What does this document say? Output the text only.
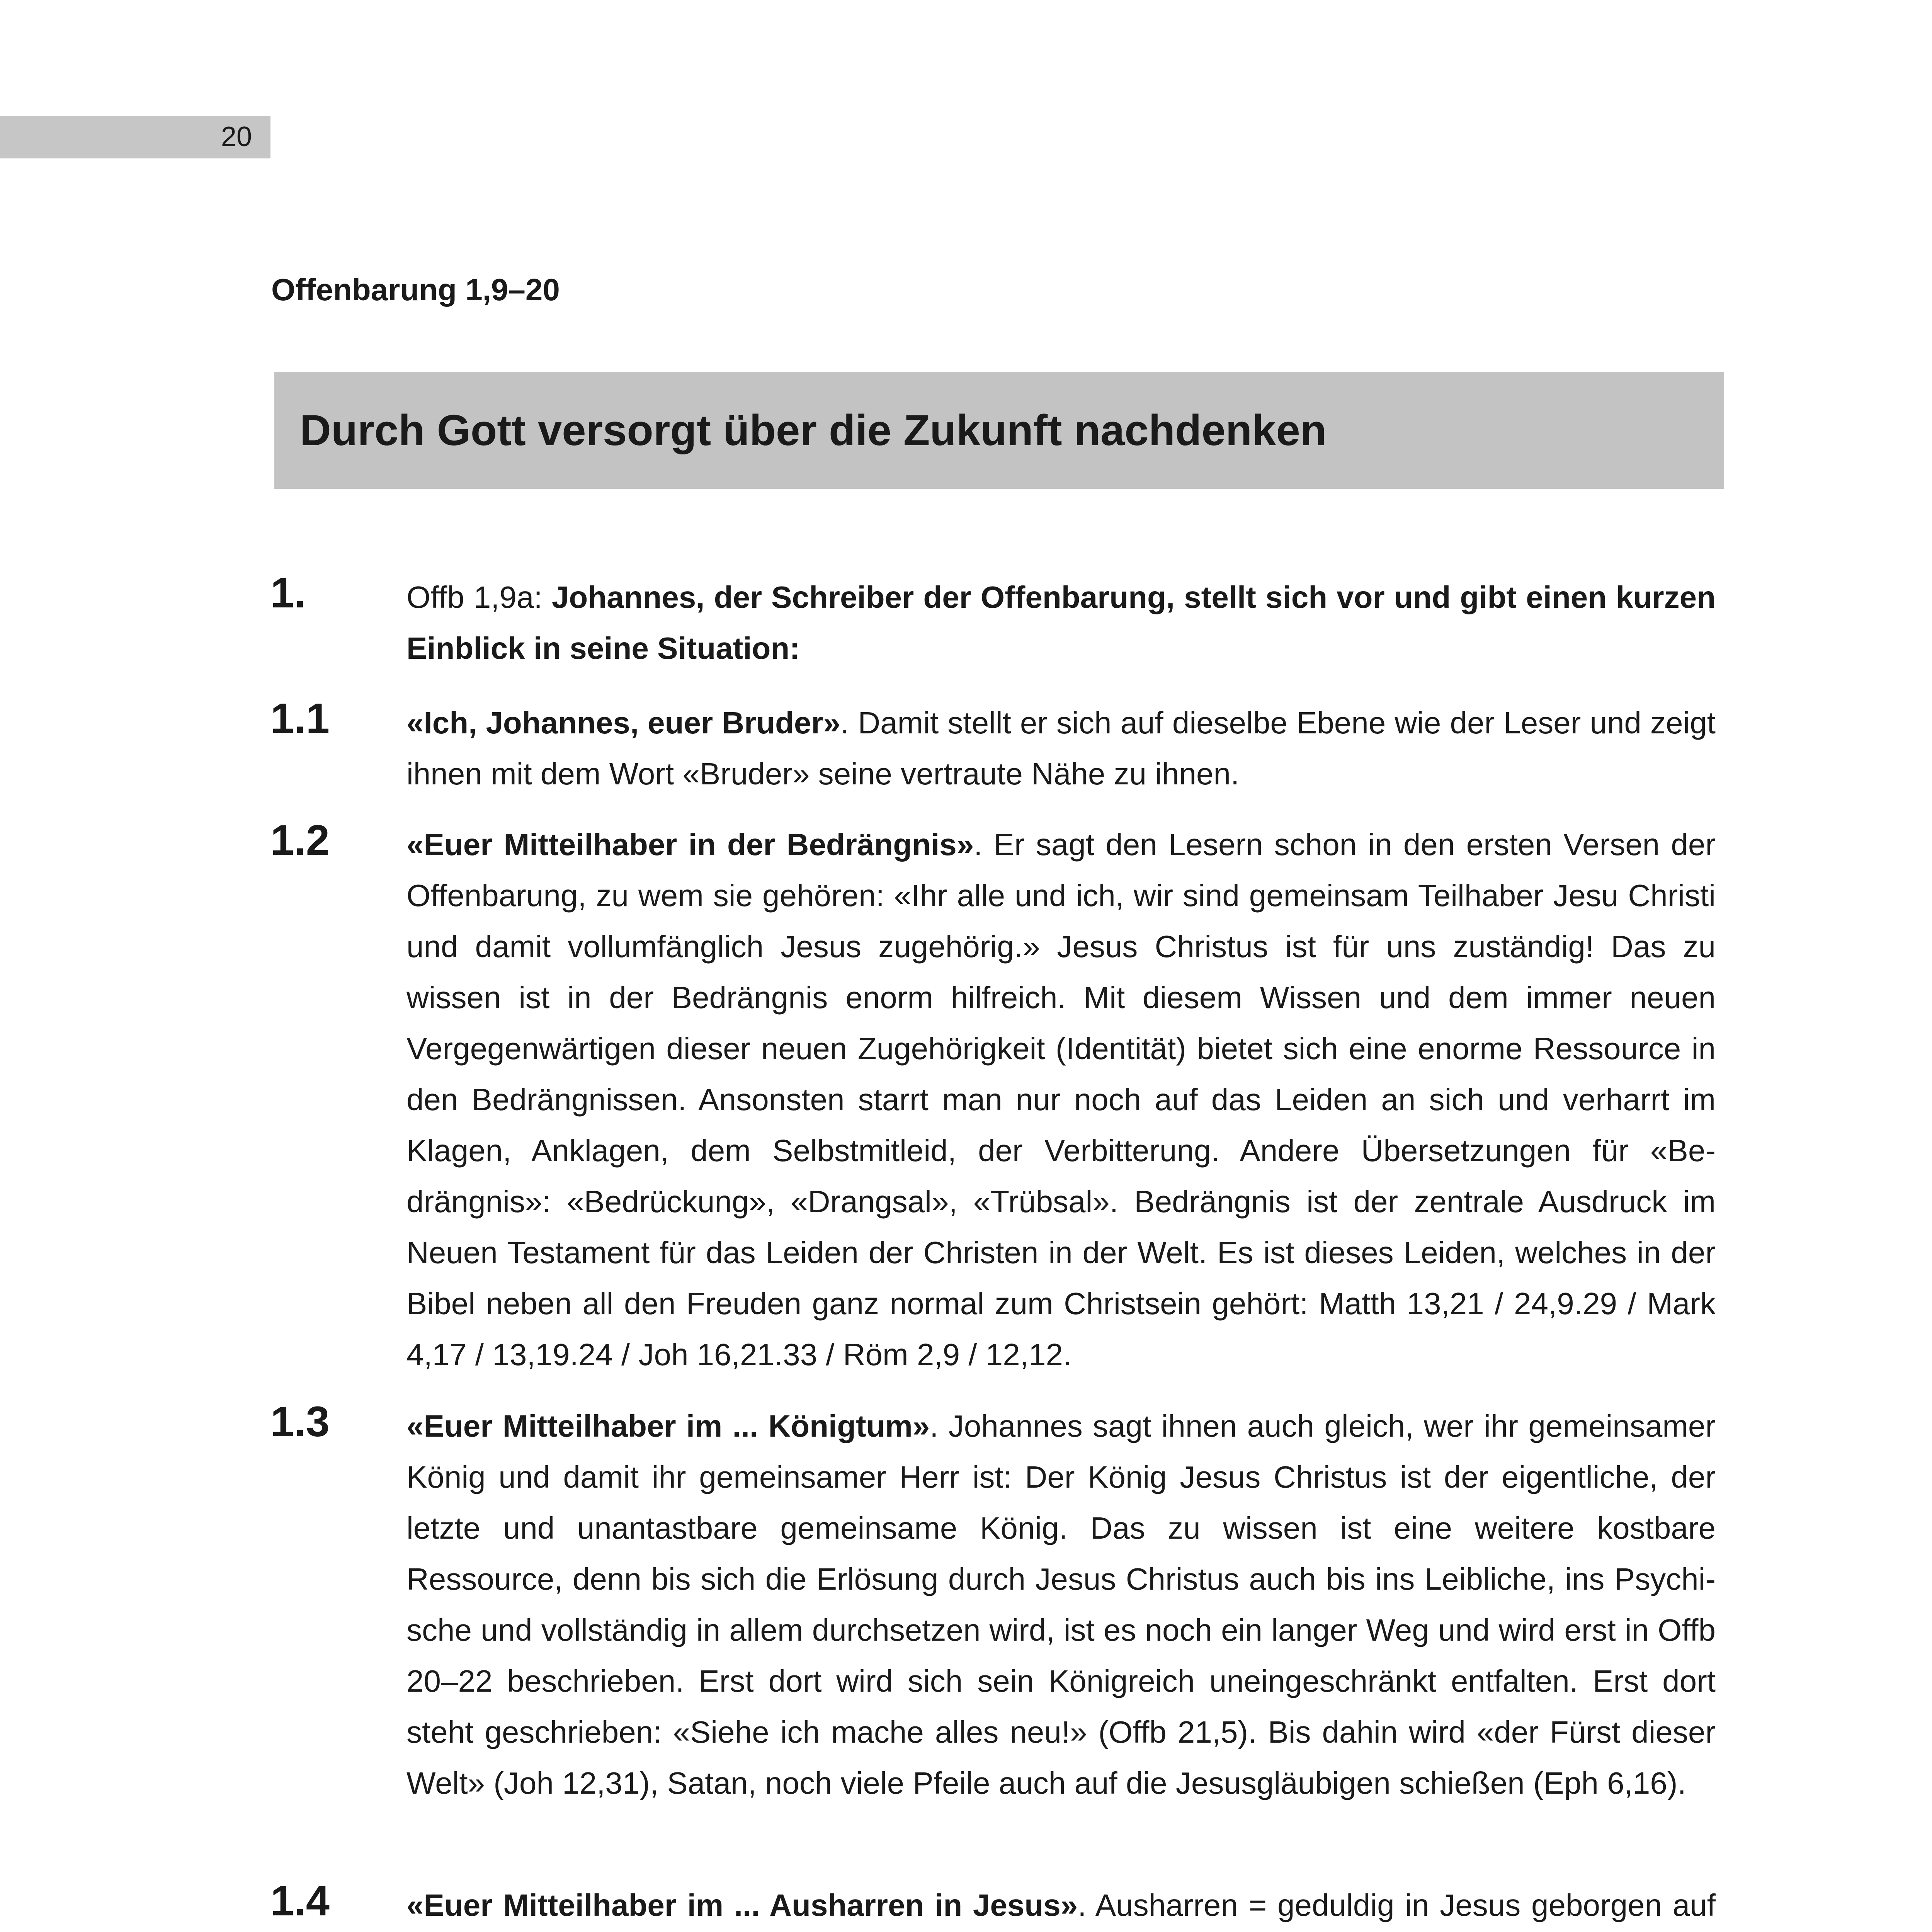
20
Offenbarung 1,9–20
Durch Gott versorgt über die Zukunft nachdenken
1.	Offb 1,9a: Johannes, der Schreiber der Offenbarung, stellt sich vor und gibt einen kurzen Einblick in seine Situation:
1.1 «Ich, Johannes, euer Bruder». Damit stellt er sich auf dieselbe Ebene wie der Leser und zeigt ihnen mit dem Wort «Bruder» seine vertraute Nähe zu ihnen.
1.2 «Euer Mitteilhaber in der Bedrängnis». Er sagt den Lesern schon in den ersten Versen der Offenbarung, zu wem sie gehören: «Ihr alle und ich, wir sind gemeinsam Teilhaber Jesu Christi und damit vollumfänglich Jesus zugehörig.» Jesus Christus ist für uns zuständig! Das zu wissen ist in der Bedrängnis enorm hilfreich. Mit diesem Wissen und dem immer neuen Vergegenwärtigen dieser neuen Zugehörigkeit (Identität) bietet sich eine enorme Ressource in den Bedrängnissen. Ansonsten starrt man nur noch auf das Leiden an sich und verharrt im Klagen, Anklagen, dem Selbstmitleid, der Verbitterung. Andere Übersetzungen für «Bedrängnis»: «Bedrückung», «Drangsal», «Trübsal». Bedrängnis ist der zentrale Ausdruck im Neuen Testament für das Leiden der Christen in der Welt. Es ist dieses Leiden, welches in der Bibel neben all den Freuden ganz normal zum Christsein gehört: Matth 13,21 / 24,9.29 / Mark 4,17 / 13,19.24 / Joh 16,21.33 / Röm 2,9 / 12,12.
1.3 «Euer Mitteilhaber im ... Königtum». Johannes sagt ihnen auch gleich, wer ihr gemeinsamer König und damit ihr gemeinsamer Herr ist: Der König Jesus Christus ist der eigentliche, der letzte und unantastbare gemeinsame König. Das zu wissen ist eine weitere kostbare Ressource, denn bis sich die Erlösung durch Jesus Christus auch bis ins Leibliche, ins Psychische und vollständig in allem durchsetzen wird, ist es noch ein langer Weg und wird erst in Offb 20–22 beschrieben. Erst dort wird sich sein Königreich uneingeschränkt entfalten. Erst dort steht geschrieben: «Siehe ich mache alles neu!» (Offb 21,5). Bis dahin wird «der Fürst dieser Welt» (Joh 12,31), Satan, noch viele Pfeile auch auf die Jesusgläubigen schießen (Eph 6,16).
1.4 «Euer Mitteilhaber im ... Ausharren in Jesus». Ausharren = geduldig in Jesus geborgen auf
